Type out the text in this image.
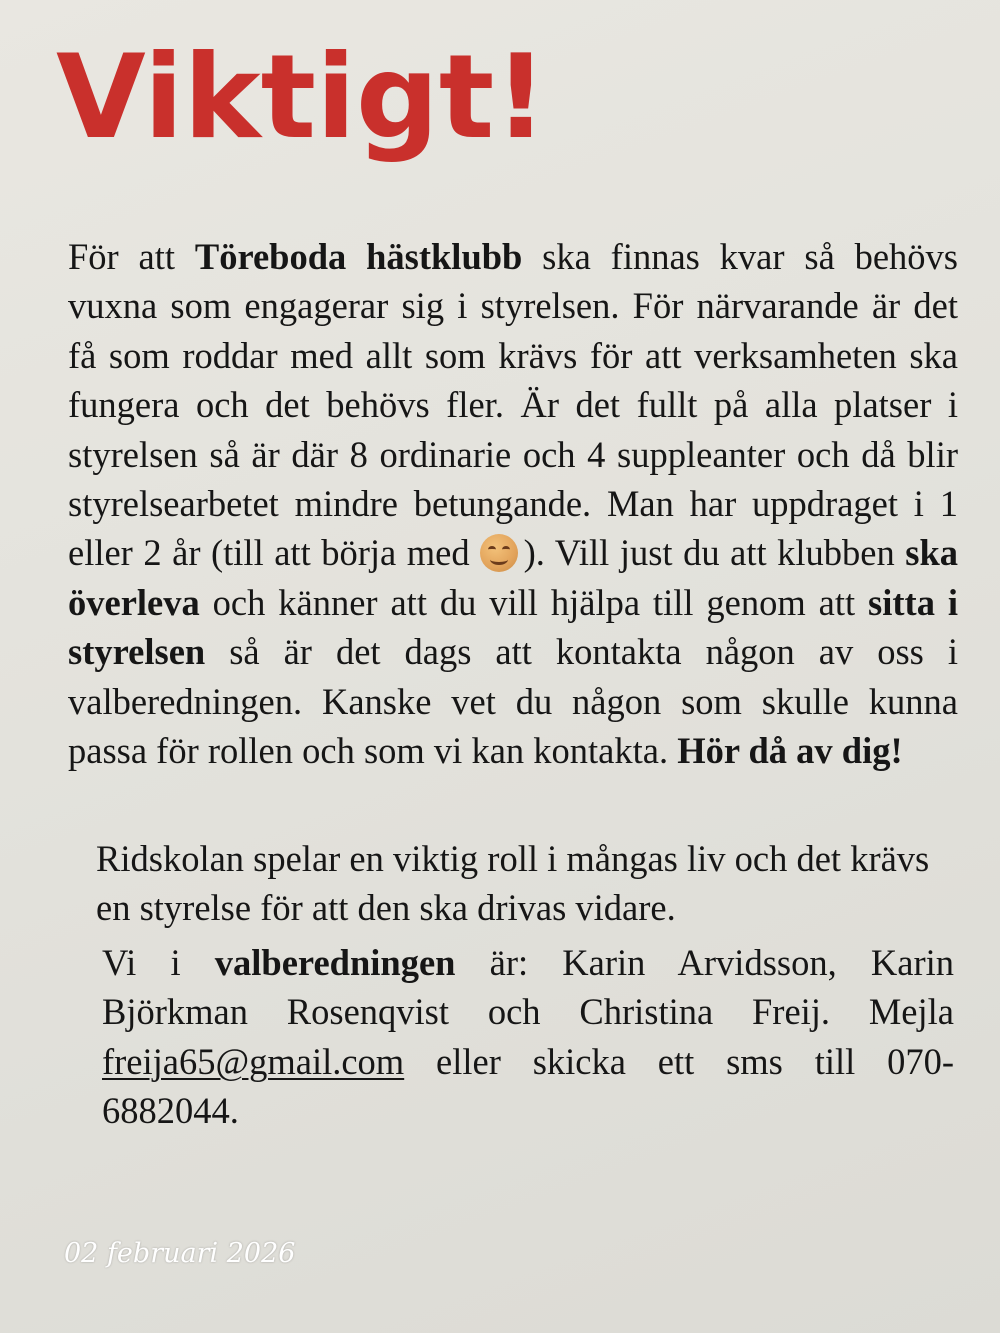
Viktigt!

För att Töreboda hästklubb ska finnas kvar så behövs vuxna som engagerar sig i styrelsen. För närvarande är det få som roddar med allt som krävs för att verksamheten ska fungera och det behövs fler. Är det fullt på alla platser i styrelsen så är där 8 ordinarie och 4 suppleanter och då blir styrelsearbetet mindre betungande. Man har uppdraget i 1 eller 2 år (till att börja med ). Vill just du att klubben ska överleva och känner att du vill hjälpa till genom att sitta i styrelsen så är det dags att kontakta någon av oss i valberedningen. Kanske vet du någon som skulle kunna passa för rollen och som vi kan kontakta. Hör då av dig!

Ridskolan spelar en viktig roll i mångas liv och det krävs en styrelse för att den ska drivas vidare.

Vi i valberedningen är: Karin Arvidsson, Karin Björkman Rosenqvist och Christina Freij. Mejla freija65@gmail.com eller skicka ett sms till 070-6882044.

02 februari 2026
